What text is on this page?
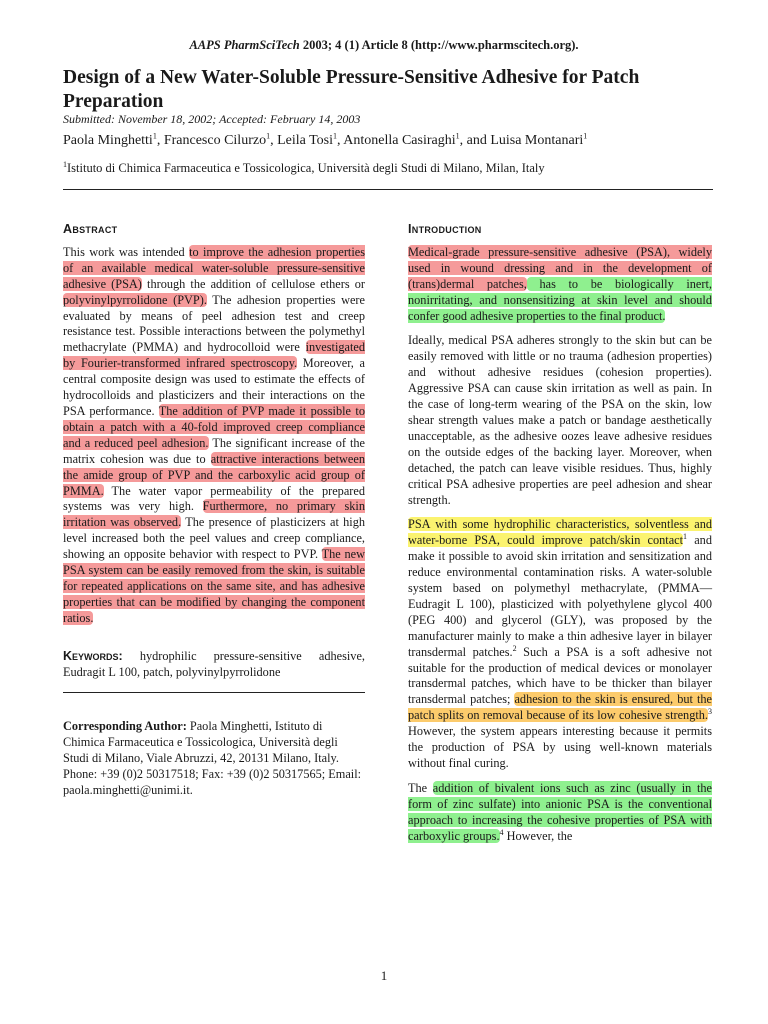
AAPS PharmSciTech 2003; 4 (1) Article 8 (http://www.pharmscitech.org).
Design of a New Water-Soluble Pressure-Sensitive Adhesive for Patch Preparation
Submitted: November 18, 2002; Accepted: February 14, 2003
Paola Minghetti$^1$, Francesco Cilurzo$^1$, Leila Tosi$^1$, Antonella Casiraghi$^1$, and Luisa Montanari$^1$
$^1$Istituto di Chimica Farmaceutica e Tossicologica, Università degli Studi di Milano, Milan, Italy
Abstract
This work was intended to improve the adhesion properties of an available medical water-soluble pressure-sensitive adhesive (PSA) through the addition of cellulose ethers or polyvinylpyrrolidone (PVP). The adhesion properties were evaluated by means of peel adhesion test and creep resistance test. Possible interactions between the polymethyl methacrylate (PMMA) and hydrocolloid were investigated by Fourier-transformed infrared spectroscopy. Moreover, a central composite design was used to estimate the effects of hydrocolloids and plasticizers and their interactions on the PSA performance. The addition of PVP made it possible to obtain a patch with a 40-fold improved creep compliance and a reduced peel adhesion. The significant increase of the matrix cohesion was due to attractive interactions between the amide group of PVP and the carboxylic acid group of PMMA. The water vapor permeability of the prepared systems was very high. Furthermore, no primary skin irritation was observed. The presence of plasticizers at high level increased both the peel values and creep compliance, showing an opposite behavior with respect to PVP. The new PSA system can be easily removed from the skin, is suitable for repeated applications on the same site, and has adhesive properties that can be modified by changing the component ratios.
Keywords: hydrophilic pressure-sensitive adhesive, Eudragit L 100, patch, polyvinylpyrrolidone
Corresponding Author: Paola Minghetti, Istituto di Chimica Farmaceutica e Tossicologica, Università degli Studi di Milano, Viale Abruzzi, 42, 20131 Milano, Italy. Phone: +39 (0)2 50317518; Fax: +39 (0)2 50317565; Email: paola.minghetti@unimi.it.
Introduction
Medical-grade pressure-sensitive adhesive (PSA), widely used in wound dressing and in the development of (trans)dermal patches, has to be biologically inert, nonirritating, and nonsensitizing at skin level and should confer good adhesive properties to the final product.
Ideally, medical PSA adheres strongly to the skin but can be easily removed with little or no trauma (adhesion properties) and without adhesive residues (cohesion properties). Aggressive PSA can cause skin irritation as well as pain. In the case of long-term wearing of the PSA on the skin, low shear strength values make a patch or bandage aesthetically unacceptable, as the adhesive oozes leave adhesive residues on the outside edges of the backing layer. Moreover, when detached, the patch can leave visible residues. Thus, highly critical PSA adhesive properties are peel adhesion and shear strength.
PSA with some hydrophilic characteristics, solventless and water-borne PSA, could improve patch/skin contact$^1$ and make it possible to avoid skin irritation and sensitization and reduce environmental contamination risks. A water-soluble system based on polymethyl methacrylate, (PMMA—Eudragit L 100), plasticized with polyethylene glycol 400 (PEG 400) and glycerol (GLY), was proposed by the manufacturer mainly to make a thin adhesive layer in bilayer transdermal patches.$^2$ Such a PSA is a soft adhesive not suitable for the production of medical devices or monolayer transdermal patches, which have to be thicker than bilayer transdermal patches; adhesion to the skin is ensured, but the patch splits on removal because of its low cohesive strength.$^3$ However, the system appears interesting because it permits the production of PSA by using well-known materials without final curing.
The addition of bivalent ions such as zinc (usually in the form of zinc sulfate) into anionic PSA is the conventional approach to increasing the cohesive properties of PSA with carboxylic groups.$^4$ However, the
1
